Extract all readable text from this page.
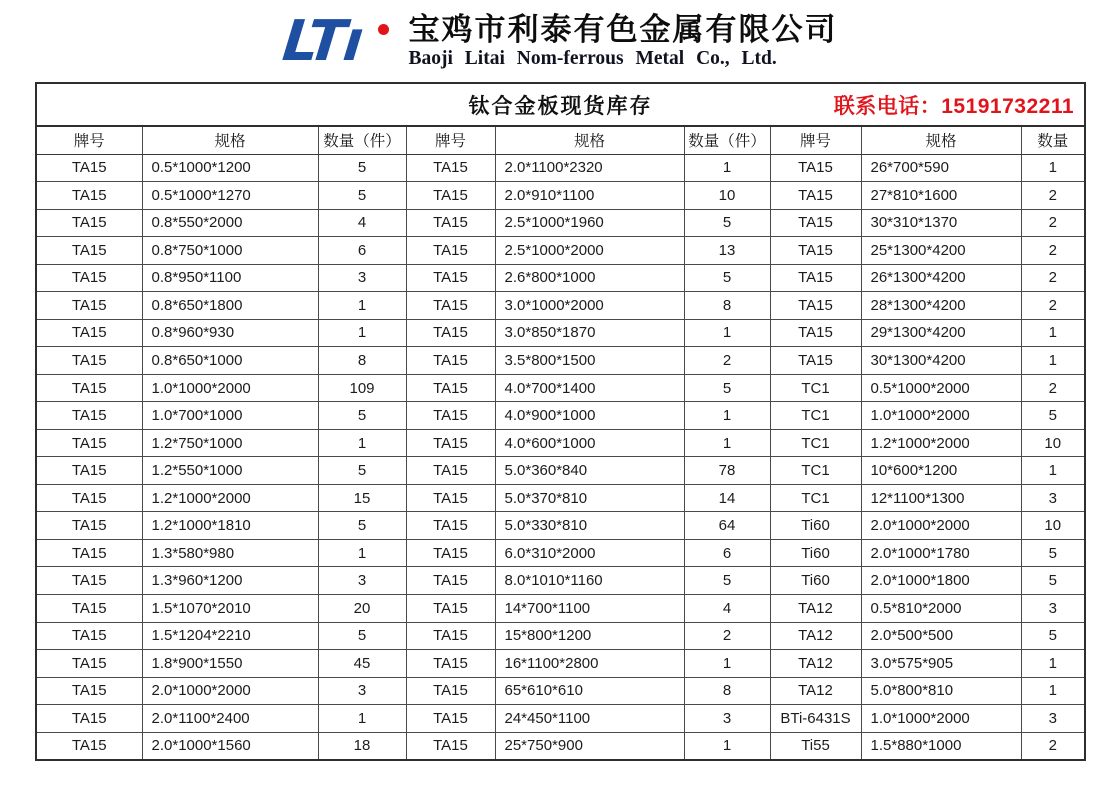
LTı	宝鸡市利泰有色金属有限公司
Baoji Litai Nom-ferrous Metal Co., Ltd.
钛合金板现货库存 联系电话：15191732211								

牌号	规格	数量（件）	牌号	规格	数量（件）	牌号	规格	数量
TA15	0.5*1000*1200	5	TA15	2.0*1100*2320	1	TA15	26*700*590	1
TA15	0.5*1000*1270	5	TA15	2.0*910*1100	10	TA15	27*810*1600	2
TA15	0.8*550*2000	4	TA15	2.5*1000*1960	5	TA15	30*310*1370	2
TA15	0.8*750*1000	6	TA15	2.5*1000*2000	13	TA15	25*1300*4200	2
TA15	0.8*950*1100	3	TA15	2.6*800*1000	5	TA15	26*1300*4200	2
TA15	0.8*650*1800	1	TA15	3.0*1000*2000	8	TA15	28*1300*4200	2
TA15	0.8*960*930	1	TA15	3.0*850*1870	1	TA15	29*1300*4200	1
TA15	0.8*650*1000	8	TA15	3.5*800*1500	2	TA15	30*1300*4200	1
TA15	1.0*1000*2000	109	TA15	4.0*700*1400	5	TC1	0.5*1000*2000	2
TA15	1.0*700*1000	5	TA15	4.0*900*1000	1	TC1	1.0*1000*2000	5
TA15	1.2*750*1000	1	TA15	4.0*600*1000	1	TC1	1.2*1000*2000	10
TA15	1.2*550*1000	5	TA15	5.0*360*840	78	TC1	10*600*1200	1
TA15	1.2*1000*2000	15	TA15	5.0*370*810	14	TC1	12*1100*1300	3
TA15	1.2*1000*1810	5	TA15	5.0*330*810	64	Ti60	2.0*1000*2000	10
TA15	1.3*580*980	1	TA15	6.0*310*2000	6	Ti60	2.0*1000*1780	5
TA15	1.3*960*1200	3	TA15	8.0*1010*1160	5	Ti60	2.0*1000*1800	5
TA15	1.5*1070*2010	20	TA15	14*700*1100	4	TA12	0.5*810*2000	3
TA15	1.5*1204*2210	5	TA15	15*800*1200	2	TA12	2.0*500*500	5
TA15	1.8*900*1550	45	TA15	16*1100*2800	1	TA12	3.0*575*905	1
TA15	2.0*1000*2000	3	TA15	65*610*610	8	TA12	5.0*800*810	1
TA15	2.0*1100*2400	1	TA15	24*450*1100	3	BTi-6431S	1.0*1000*2000	3
TA15	2.0*1000*1560	18	TA15	25*750*900	1	Ti55	1.5*880*1000	2
